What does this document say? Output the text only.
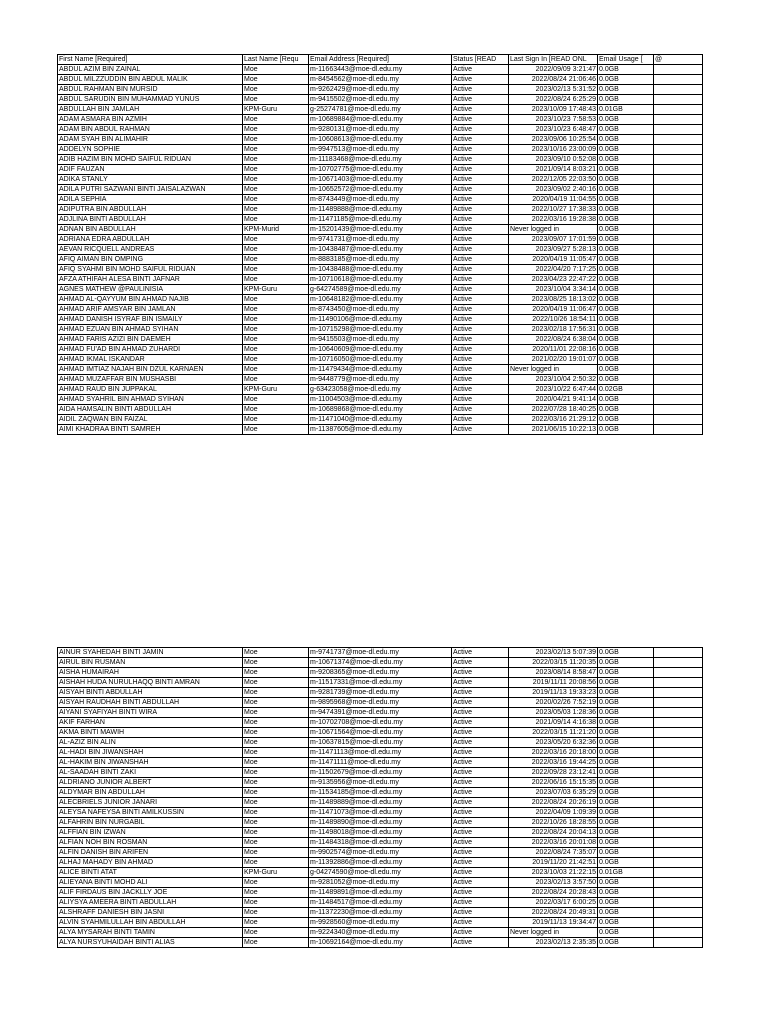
First Name [Required]	Last Name [Requ	Email Address [Required]	Status [READ	Last Sign In [READ ONL	Email Usage [	@
ABDUL AZIM BIN ZAINAL	Moe	m-11663443@moe-dl.edu.my	Active	2022/09/09 3:21:47	0.0GB	
ABDUL MILZZUDDIN BIN ABDUL MALIK	Moe	m-8454562@moe-dl.edu.my	Active	2022/08/24 21:06:46	0.0GB	
ABDUL RAHMAN BIN MURSID	Moe	m-9262429@moe-dl.edu.my	Active	2023/02/13 5:31:52	0.0GB	
ABDUL SARUDIN BIN MUHAMMAD YUNUS	Moe	m-9415502@moe-dl.edu.my	Active	2022/08/24 6:25:29	0.0GB	
ABDULLAH BIN JAMLAH	KPM-Guru	g-25274781@moe-dl.edu.my	Active	2023/10/09 17:48:43	0.01GB	
ADAM ASMARA BIN AZMIH	Moe	m-10689884@moe-dl.edu.my	Active	2023/10/23 7:58:53	0.0GB	
ADAM BIN ABDUL RAHMAN	Moe	m-9280131@moe-dl.edu.my	Active	2023/10/23 6:48:47	0.0GB	
ADAM SYAH BIN ALIMAHIR	Moe	m-10608613@moe-dl.edu.my	Active	2023/09/06 10:25:54	0.0GB	
ADDELYN SOPHIE	Moe	m-9947513@moe-dl.edu.my	Active	2023/10/16 23:00:09	0.0GB	
ADIB HAZIM BIN MOHD SAIFUL RIDUAN	Moe	m-11183468@moe-dl.edu.my	Active	2023/09/10 0:52:08	0.0GB	
ADIF FAUZAN	Moe	m-10702775@moe-dl.edu.my	Active	2021/09/14 8:03:21	0.0GB	
ADIKA STANLY	Moe	m-10671403@moe-dl.edu.my	Active	2022/12/05 22:03:50	0.0GB	
ADILA PUTRI SAZWANI BINTI JAISALAZWAN	Moe	m-10652572@moe-dl.edu.my	Active	2023/09/02 2:40:16	0.0GB	
ADILA SEPHIA	Moe	m-8743449@moe-dl.edu.my	Active	2020/04/19 11:04:55	0.0GB	
ADIPUTRA BIN ABDULLAH	Moe	m-11489888@moe-dl.edu.my	Active	2022/10/27 17:38:33	0.0GB	
ADJLINA BINTI ABDULLAH	Moe	m-11471185@moe-dl.edu.my	Active	2022/03/16 19:28:38	0.0GB	
ADNAN BIN ABDULLAH	KPM-Murid	m-15201439@moe-dl.edu.my	Active	Never logged in	0.0GB	
ADRIANA EDRA ABDULLAH	Moe	m-9741731@moe-dl.edu.my	Active	2023/09/07 17:01:59	0.0GB	
AEVAN RICQUELL ANDREAS	Moe	m-10438487@moe-dl.edu.my	Active	2023/09/27 5:28:13	0.0GB	
AFIQ AIMAN BIN OMPING	Moe	m-8883185@moe-dl.edu.my	Active	2020/04/19 11:05:47	0.0GB	
AFIQ SYAHMI BIN MOHD SAIFUL RIDUAN	Moe	m-10438488@moe-dl.edu.my	Active	2022/04/20 7:17:25	0.0GB	
AFZA ATHIFAH ALESA BINTI JAFNAR	Moe	m-10710618@moe-dl.edu.my	Active	2023/04/23 22:47:22	0.0GB	
AGNES MATHEW @PAULINISIA	KPM-Guru	g-64274589@moe-dl.edu.my	Active	2023/10/04 3:34:14	0.0GB	
AHMAD AL-QAYYUM BIN AHMAD NAJIB	Moe	m-10648182@moe-dl.edu.my	Active	2023/08/25 18:13:02	0.0GB	
AHMAD ARIF AMSYAR BIN JAMLAN	Moe	m-8743450@moe-dl.edu.my	Active	2020/04/19 11:06:47	0.0GB	
AHMAD DANISH ISYRAF BIN ISMAILY	Moe	m-11490106@moe-dl.edu.my	Active	2022/10/26 18:54:11	0.0GB	
AHMAD EZUAN BIN AHMAD SYIHAN	Moe	m-10715298@moe-dl.edu.my	Active	2023/02/18 17:56:31	0.0GB	
AHMAD FARIS AZIZI BIN DAEMEH	Moe	m-9415503@moe-dl.edu.my	Active	2022/08/24 6:38:04	0.0GB	
AHMAD FU'AD BIN AHMAD ZUHARDI	Moe	m-10640609@moe-dl.edu.my	Active	2020/11/01 22:08:16	0.0GB	
AHMAD IKMAL ISKANDAR	Moe	m-10716050@moe-dl.edu.my	Active	2021/02/20 19:01:07	0.0GB	
AHMAD IMTIAZ NAJAH BIN DZUL KARNAEN	Moe	m-11479434@moe-dl.edu.my	Active	Never logged in	0.0GB	
AHMAD MUZAFFAR BIN MUSHASBI	Moe	m-9448779@moe-dl.edu.my	Active	2023/10/04 2:50:32	0.0GB	
AHMAD RAUD BIN JUPPAKAL	KPM-Guru	g-63423058@moe-dl.edu.my	Active	2023/10/22 6:47:44	0.02GB	
AHMAD SYAHRIL BIN AHMAD SYIHAN	Moe	m-11004503@moe-dl.edu.my	Active	2020/04/21 9:41:14	0.0GB	
AIDA HAMSALIN BINTI ABDULLAH	Moe	m-10689868@moe-dl.edu.my	Active	2022/07/28 18:40:25	0.0GB	
AIDIL ZAQWAN BIN FAIZAL	Moe	m-11471040@moe-dl.edu.my	Active	2022/03/16 21:29:12	0.0GB	
AIMI KHADRAA BINTI SAMREH	Moe	m-11387605@moe-dl.edu.my	Active	2021/06/15 10:22:13	0.0GB	
AINUR SYAHEDAH BINTI JAMIN	Moe	m-9741737@moe-dl.edu.my	Active	2023/02/13 5:07:39	0.0GB	
AIRUL BIN RUSMAN	Moe	m-10671374@moe-dl.edu.my	Active	2022/03/15 11:20:35	0.0GB	
AISHA HUMAIRAH	Moe	m-9208365@moe-dl.edu.my	Active	2023/08/14 8:58:47	0.0GB	
AISHAH HUDA NURULHAQQ BINTI AMRAN	Moe	m-11517331@moe-dl.edu.my	Active	2019/11/11 20:08:56	0.0GB	
AISYAH BINTI ABDULLAH	Moe	m-9281739@moe-dl.edu.my	Active	2019/11/13 19:33:23	0.0GB	
AISYAH RAUDHAH BINTI ABDULLAH	Moe	m-9895968@moe-dl.edu.my	Active	2020/02/26 7:52:19	0.0GB	
AIYANI SYAFIYAH BINTI WIRA	Moe	m-9474391@moe-dl.edu.my	Active	2023/05/03 1:28:36	0.0GB	
AKIF FARHAN	Moe	m-10702708@moe-dl.edu.my	Active	2021/09/14 4:16:38	0.0GB	
AKMA BINTI MAWIH	Moe	m-10671564@moe-dl.edu.my	Active	2022/03/15 11:21:20	0.0GB	
AL-AZIZ BIN ALIN	Moe	m-10637815@moe-dl.edu.my	Active	2023/05/20 6:32:36	0.0GB	
AL-HADI BIN JIWANSHAH	Moe	m-11471113@moe-dl.edu.my	Active	2022/03/16 20:18:00	0.0GB	
AL-HAKIM BIN JIWANSHAH	Moe	m-11471111@moe-dl.edu.my	Active	2022/03/16 19:44:25	0.0GB	
AL-SAADAH BINTI ZAKI	Moe	m-11502679@moe-dl.edu.my	Active	2022/09/28 23:12:41	0.0GB	
ALDRIANO JUNIOR ALBERT	Moe	m-9135956@moe-dl.edu.my	Active	2022/06/16 15:15:35	0.0GB	
ALDYMAR BIN ABDULLAH	Moe	m-11534185@moe-dl.edu.my	Active	2023/07/03 6:35:29	0.0GB	
ALECBRIELS JUNIOR JANARI	Moe	m-11489889@moe-dl.edu.my	Active	2022/08/24 20:26:19	0.0GB	
ALEYSA NAFEYSA BINTI AMILKUSSIN	Moe	m-11471073@moe-dl.edu.my	Active	2022/04/09 1:09:39	0.0GB	
ALFAHRIN BIN NURGABIL	Moe	m-11489890@moe-dl.edu.my	Active	2022/10/26 18:28:55	0.0GB	
ALFFIAN BIN IZWAN	Moe	m-11498018@moe-dl.edu.my	Active	2022/08/24 20:04:13	0.0GB	
ALFIAN NOH BIN ROSMAN	Moe	m-11484318@moe-dl.edu.my	Active	2022/03/16 20:01:08	0.0GB	
ALFIN DANISH BIN ARIFEN	Moe	m-9902574@moe-dl.edu.my	Active	2022/08/24 7:35:07	0.0GB	
ALHAJ MAHADY BIN AHMAD	Moe	m-11392886@moe-dl.edu.my	Active	2019/11/20 21:42:51	0.0GB	
ALICE BINTI ATAT	KPM-Guru	g-04274590@moe-dl.edu.my	Active	2023/10/03 21:22:15	0.01GB	
ALIEYANA BINTI MOHD ALI	Moe	m-9281052@moe-dl.edu.my	Active	2023/02/13 3:57:50	0.0GB	
ALIF FIRDAUS BIN JACKLLY JOE	Moe	m-11489891@moe-dl.edu.my	Active	2022/08/24 20:28:43	0.0GB	
ALIYSYA AMEERA BINTI ABDULLAH	Moe	m-11484517@moe-dl.edu.my	Active	2022/03/17 6:00:25	0.0GB	
ALSHRAFF DANIESH BIN JASNI	Moe	m-11372230@moe-dl.edu.my	Active	2022/08/24 20:49:31	0.0GB	
ALVIN SYAHMILULLAH BIN ABDULLAH	Moe	m-9928560@moe-dl.edu.my	Active	2019/11/13 19:34:47	0.0GB	
ALYA MYSARAH BINTI TAMIN	Moe	m-9224340@moe-dl.edu.my	Active	Never logged in	0.0GB	
ALYA NURSYUHAIDAH BINTI ALIAS	Moe	m-10692164@moe-dl.edu.my	Active	2023/02/13 2:35:35	0.0GB	
